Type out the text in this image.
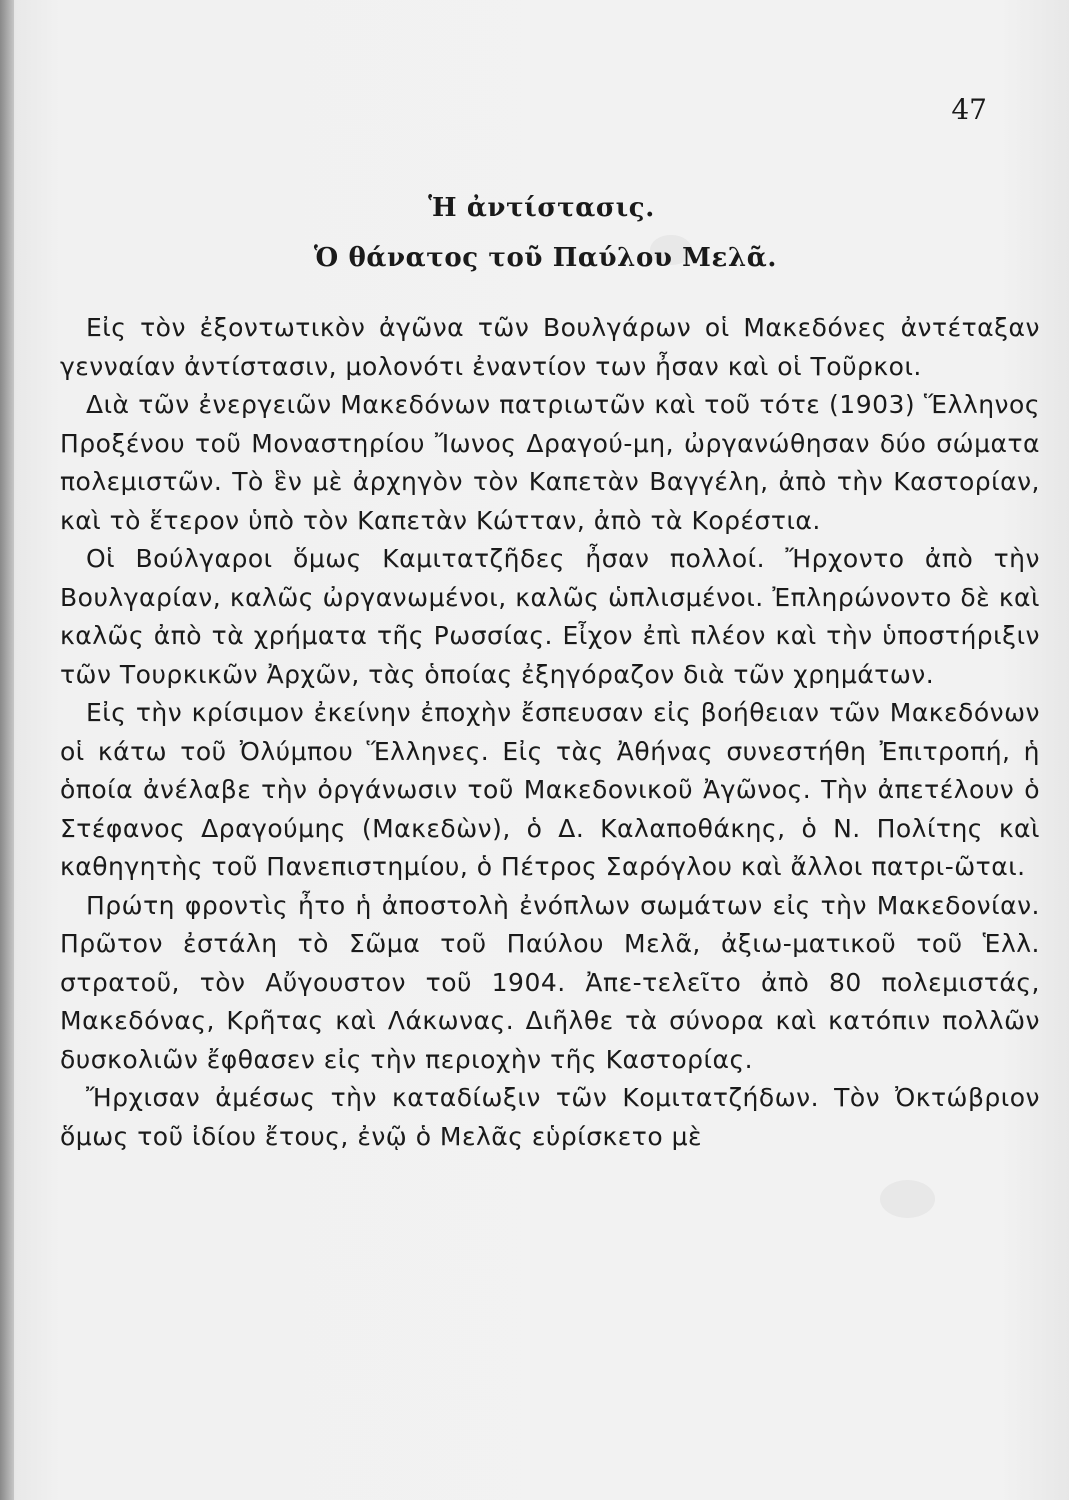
47
Ἡ ἀντίστασις.
Ὁ θάνατος τοῦ Παύλου Μελᾶ.

Εἰς τὸν ἐξοντωτικὸν ἀγῶνα τῶν Βουλγάρων οἱ Μακεδόνες ἀντέταξαν γενναίαν ἀντίστασιν, μολονότι ἐναντίον των ἦσαν καὶ οἱ Τοῦρκοι.

Διὰ τῶν ἐνεργειῶν Μακεδόνων πατριωτῶν καὶ τοῦ τότε (1903) Ἕλληνος Προξένου τοῦ Μοναστηρίου Ἴωνος Δραγού-μη, ὠργανώθησαν δύο σώματα πολεμιστῶν. Τὸ ἓν μὲ ἀρχηγὸν τὸν Καπετὰν Βαγγέλη, ἀπὸ τὴν Καστορίαν, καὶ τὸ ἕτερον ὑπὸ τὸν Καπετὰν Κώτταν, ἀπὸ τὰ Κορέστια.

Οἱ Βούλγαροι ὅμως Καμιτατζῆδες ἦσαν πολλοί. Ἤρχοντο ἀπὸ τὴν Βουλγαρίαν, καλῶς ὠργανωμένοι, καλῶς ὡπλισμένοι. Ἐπληρώνοντο δὲ καὶ καλῶς ἀπὸ τὰ χρήματα τῆς Ρωσσίας. Εἶχον ἐπὶ πλέον καὶ τὴν ὑποστήριξιν τῶν Τουρκικῶν Ἀρχῶν, τὰς ὁποίας ἐξηγόραζον διὰ τῶν χρημάτων.

Εἰς τὴν κρίσιμον ἐκείνην ἐποχὴν ἔσπευσαν εἰς βοήθειαν τῶν Μακεδόνων οἱ κάτω τοῦ Ὀλύμπου Ἕλληνες. Εἰς τὰς Ἀθήνας συνεστήθη Ἐπιτροπή, ἡ ὁποία ἀνέλαβε τὴν ὀργάνωσιν τοῦ Μακεδονικοῦ Ἀγῶνος. Τὴν ἀπετέλουν ὁ Στέφανος Δραγούμης (Μακεδὼν), ὁ Δ. Καλαποθάκης, ὁ Ν. Πολίτης καὶ καθηγητὴς τοῦ Πανεπιστημίου, ὁ Πέτρος Σαρόγλου καὶ ἄλλοι πατρι-ῶται.

Πρώτη φροντὶς ἦτο ἡ ἀποστολὴ ἐνόπλων σωμάτων εἰς τὴν Μακεδονίαν. Πρῶτον ἐστάλη τὸ Σῶμα τοῦ Παύλου Μελᾶ, ἀξιω-ματικοῦ τοῦ Ἑλλ. στρατοῦ, τὸν Αὔγουστον τοῦ 1904. Ἀπε-τελεῖτο ἀπὸ 80 πολεμιστάς, Μακεδόνας, Κρῆτας καὶ Λάκωνας. Διῆλθε τὰ σύνορα καὶ κατόπιν πολλῶν δυσκολιῶν ἔφθασεν εἰς τὴν περιοχὴν τῆς Καστορίας.

Ἤρχισαν ἀμέσως τὴν καταδίωξιν τῶν Κομιτατζήδων. Τὸν Ὀκτώβριον ὅμως τοῦ ἰδίου ἔτους, ἐνῷ ὁ Μελᾶς εὑρίσκετο μὲ
